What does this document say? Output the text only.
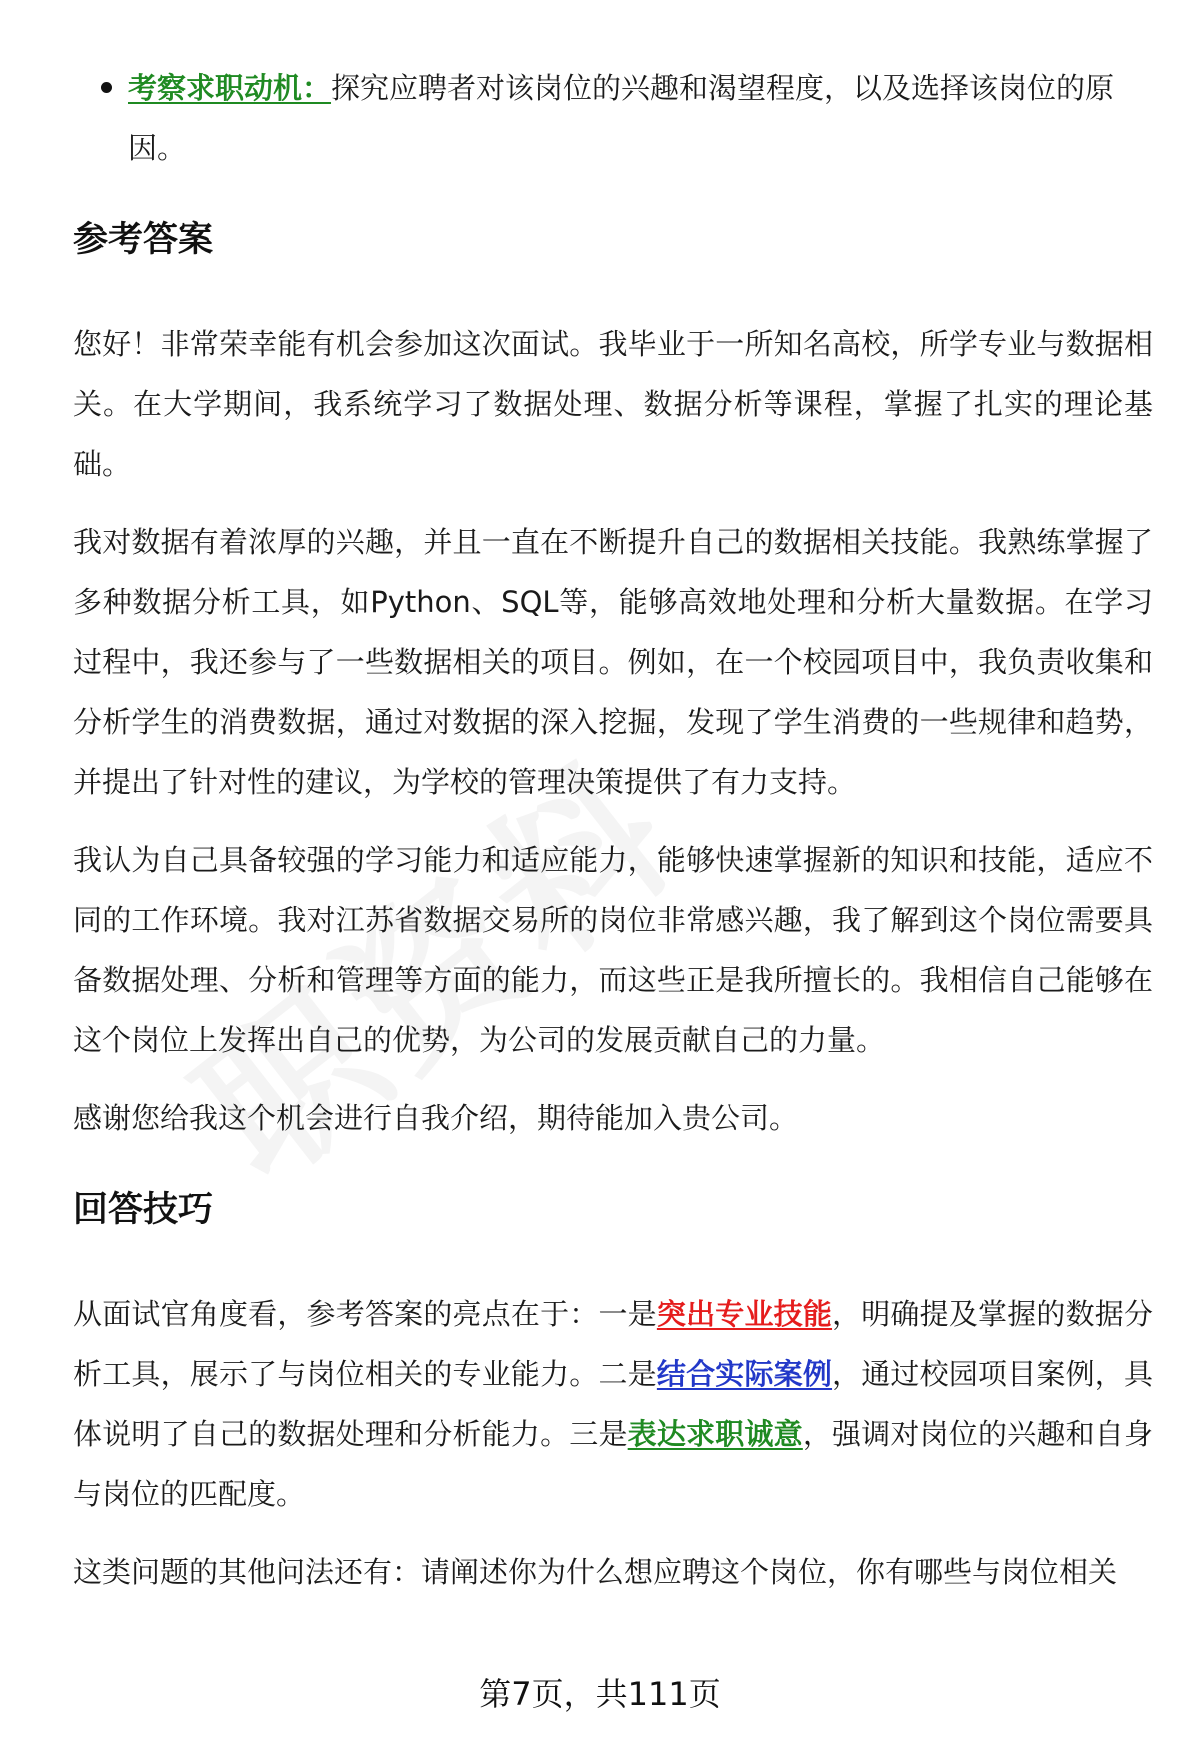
考察求职动机：探究应聘者对该岗位的兴趣和渴望程度，以及选择该岗位的原因。
参考答案

您好！非常荣幸能有机会参加这次面试。我毕业于一所知名高校，所学专业与数据相关。在大学期间，我系统学习了数据处理、数据分析等课程，掌握了扎实的理论基础。

我对数据有着浓厚的兴趣，并且一直在不断提升自己的数据相关技能。我熟练掌握了多种数据分析工具，如Python、SQL等，能够高效地处理和分析大量数据。在学习过程中，我还参与了一些数据相关的项目。例如，在一个校园项目中，我负责收集和分析学生的消费数据，通过对数据的深入挖掘，发现了学生消费的一些规律和趋势，并提出了针对性的建议，为学校的管理决策提供了有力支持。

我认为自己具备较强的学习能力和适应能力，能够快速掌握新的知识和技能，适应不同的工作环境。我对江苏省数据交易所的岗位非常感兴趣，我了解到这个岗位需要具备数据处理、分析和管理等方面的能力，而这些正是我所擅长的。我相信自己能够在这个岗位上发挥出自己的优势，为公司的发展贡献自己的力量。

感谢您给我这个机会进行自我介绍，期待能加入贵公司。

回答技巧

从面试官角度看，参考答案的亮点在于：一是突出专业技能，明确提及掌握的数据分析工具，展示了与岗位相关的专业能力。二是结合实际案例，通过校园项目案例，具体说明了自己的数据处理和分析能力。三是表达求职诚意，强调对岗位的兴趣和自身与岗位的匹配度。

这类问题的其他问法还有：请阐述你为什么想应聘这个岗位，你有哪些与岗位相关

第7页，共111页
